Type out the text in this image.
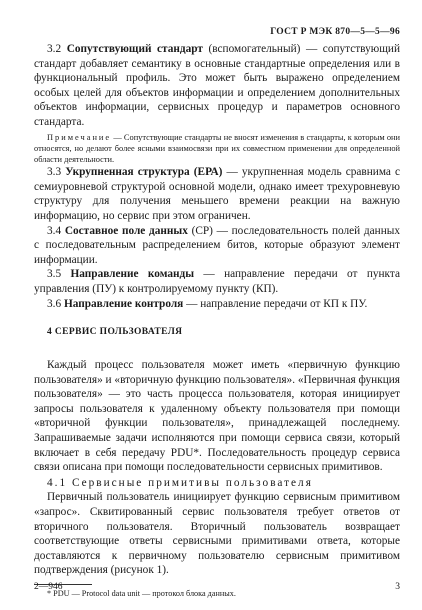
ГОСТ Р МЭК 870—5—5—96

3.2 Сопутствующий стандарт (вспомогательный) — сопутствующий стандарт добавляет семантику в основные стандартные определения или в функциональный профиль. Это может быть выражено определением особых целей для объектов информации и определением дополнительных объектов информации, сервисных процедур и параметров основного стандарта.

Примечание — Сопутствующие стандарты не вносят изменения в стандарты, к которым они относятся, но делают более ясными взаимосвязи при их совместном применении для определенной области деятельности.

3.3 Укрупненная структура (ЕРА) — укрупненная модель сравнима с семиуровневой структурой основной модели, однако имеет трехуровневую структуру для получения меньшего времени реакции на важную информацию, но сервис при этом ограничен.

3.4 Составное поле данных (СР) — последовательность полей данных с последовательным распределением битов, которые образуют элемент информации.

3.5 Направление команды — направление передачи от пункта управления (ПУ) к контролируемому пункту (КП).

3.6 Направление контроля — направление передачи от КП к ПУ.

4 СЕРВИС ПОЛЬЗОВАТЕЛЯ

Каждый процесс пользователя может иметь «первичную функцию пользователя» и «вторичную функцию пользователя». «Первичная функция пользователя» — это часть процесса пользователя, которая инициирует запросы пользователя к удаленному объекту пользователя при помощи «вторичной функции пользователя», принадлежащей последнему. Запрашиваемые задачи исполняются при помощи сервиса связи, который включает в себя передачу PDU*. Последовательность процедур сервиса связи описана при помощи последовательности сервисных примитивов.

4.1 Сервисные примитивы пользователя

Первичный пользователь инициирует функцию сервисным примитивом «запрос». Сквитированный сервис пользователя требует ответов от вторичного пользователя. Вторичный пользователь возвращает соответствующие ответы сервисными примитивами ответа, которые доставляются к первичному пользователю сервисным примитивом подтверждения (рисунок 1).

* PDU — Protocol data unit — протокол блока данных.

2—946	3
